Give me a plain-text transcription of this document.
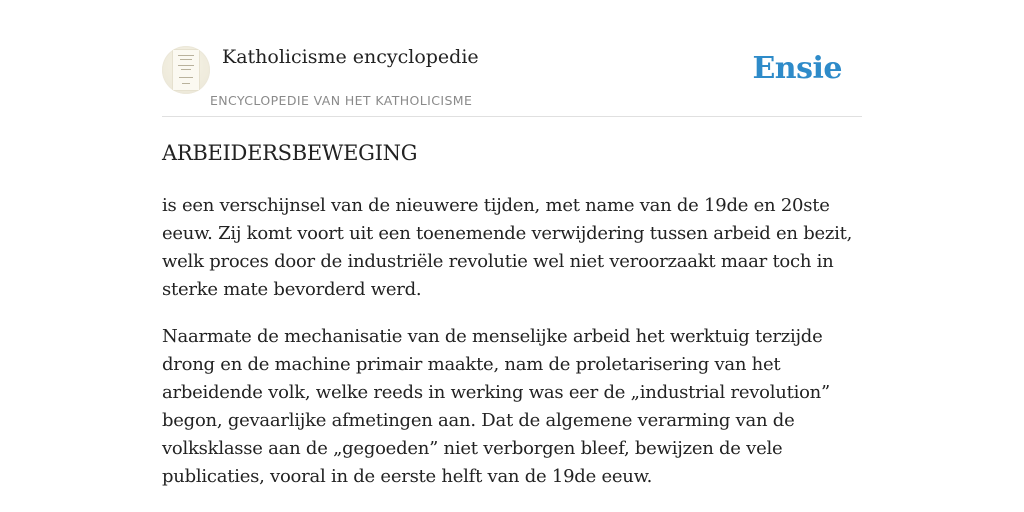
Katholicisme encyclopedie
ENCYCLOPEDIE VAN HET KATHOLICISME
Ensie
ARBEIDERSBEWEGING

is een verschijnsel van de nieuwere tijden, met name van de 19de en 20ste eeuw. Zij komt voort uit een toenemende verwijdering tussen arbeid en bezit, welk proces door de industriële revolutie wel niet veroorzaakt maar toch in sterke mate bevorderd werd.

Naarmate de mechanisatie van de menselijke arbeid het werktuig terzijde drong en de machine primair maakte, nam de proletarisering van het arbeidende volk, welke reeds in werking was eer de „industrial revolution” begon, gevaarlijke afmetingen aan. Dat de algemene verarming van de volksklasse aan de „gegoeden” niet verborgen bleef, bewijzen de vele publicaties, vooral in de eerste helft van de 19de eeuw.
